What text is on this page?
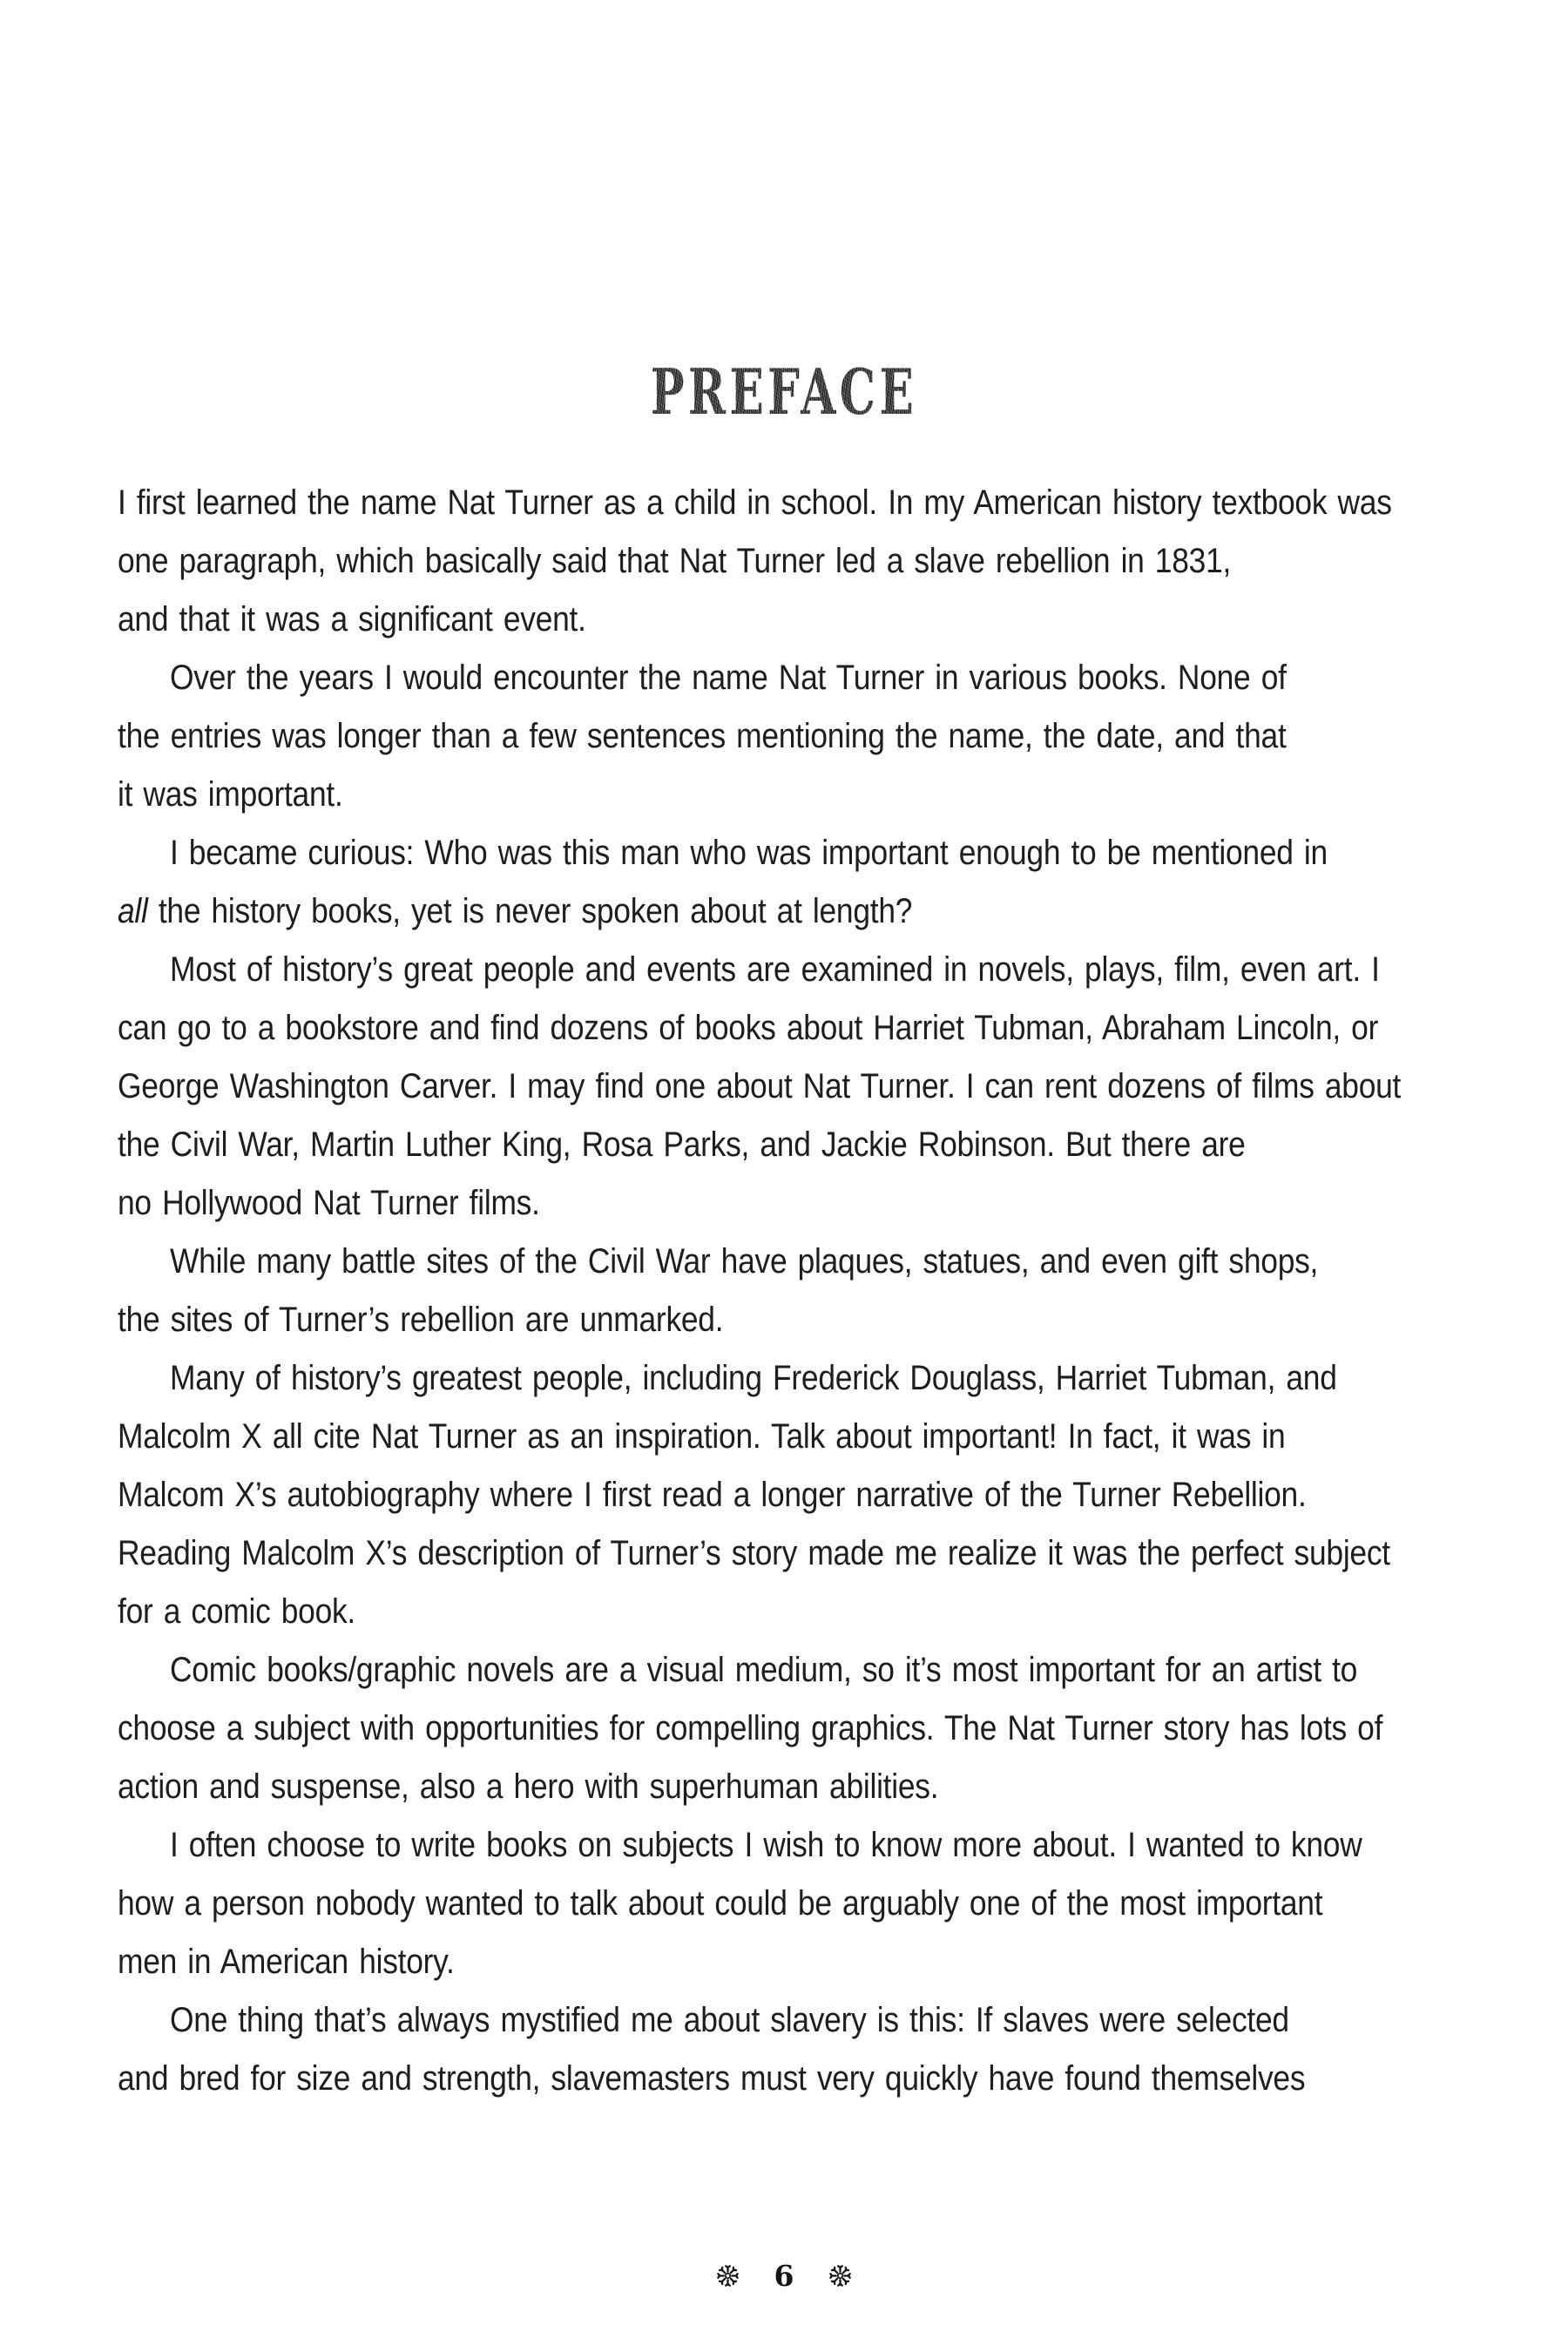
PREFACE
I first learned the name Nat Turner as a child in school. In my American history textbook was
one paragraph, which basically said that Nat Turner led a slave rebellion in 1831,
and that it was a significant event.
Over the years I would encounter the name Nat Turner in various books. None of
the entries was longer than a few sentences mentioning the name, the date, and that
it was important.
I became curious: Who was this man who was important enough to be mentioned in
all the history books, yet is never spoken about at length?
Most of history’s great people and events are examined in novels, plays, film, even art. I
can go to a bookstore and find dozens of books about Harriet Tubman, Abraham Lincoln, or
George Washington Carver. I may find one about Nat Turner. I can rent dozens of films about
the Civil War, Martin Luther King, Rosa Parks, and Jackie Robinson. But there are
no Hollywood Nat Turner films.
While many battle sites of the Civil War have plaques, statues, and even gift shops,
the sites of Turner’s rebellion are unmarked.
Many of history’s greatest people, including Frederick Douglass, Harriet Tubman, and
Malcolm X all cite Nat Turner as an inspiration. Talk about important! In fact, it was in
Malcom X’s autobiography where I first read a longer narrative of the Turner Rebellion.
Reading Malcolm X’s description of Turner’s story made me realize it was the perfect subject
for a comic book.
Comic books/graphic novels are a visual medium, so it’s most important for an artist to
choose a subject with opportunities for compelling graphics. The Nat Turner story has lots of
action and suspense, also a hero with superhuman abilities.
I often choose to write books on subjects I wish to know more about. I wanted to know
how a person nobody wanted to talk about could be arguably one of the most important
men in American history.
One thing that’s always mystified me about slavery is this: If slaves were selected
and bred for size and strength, slavemasters must very quickly have found themselves
6
